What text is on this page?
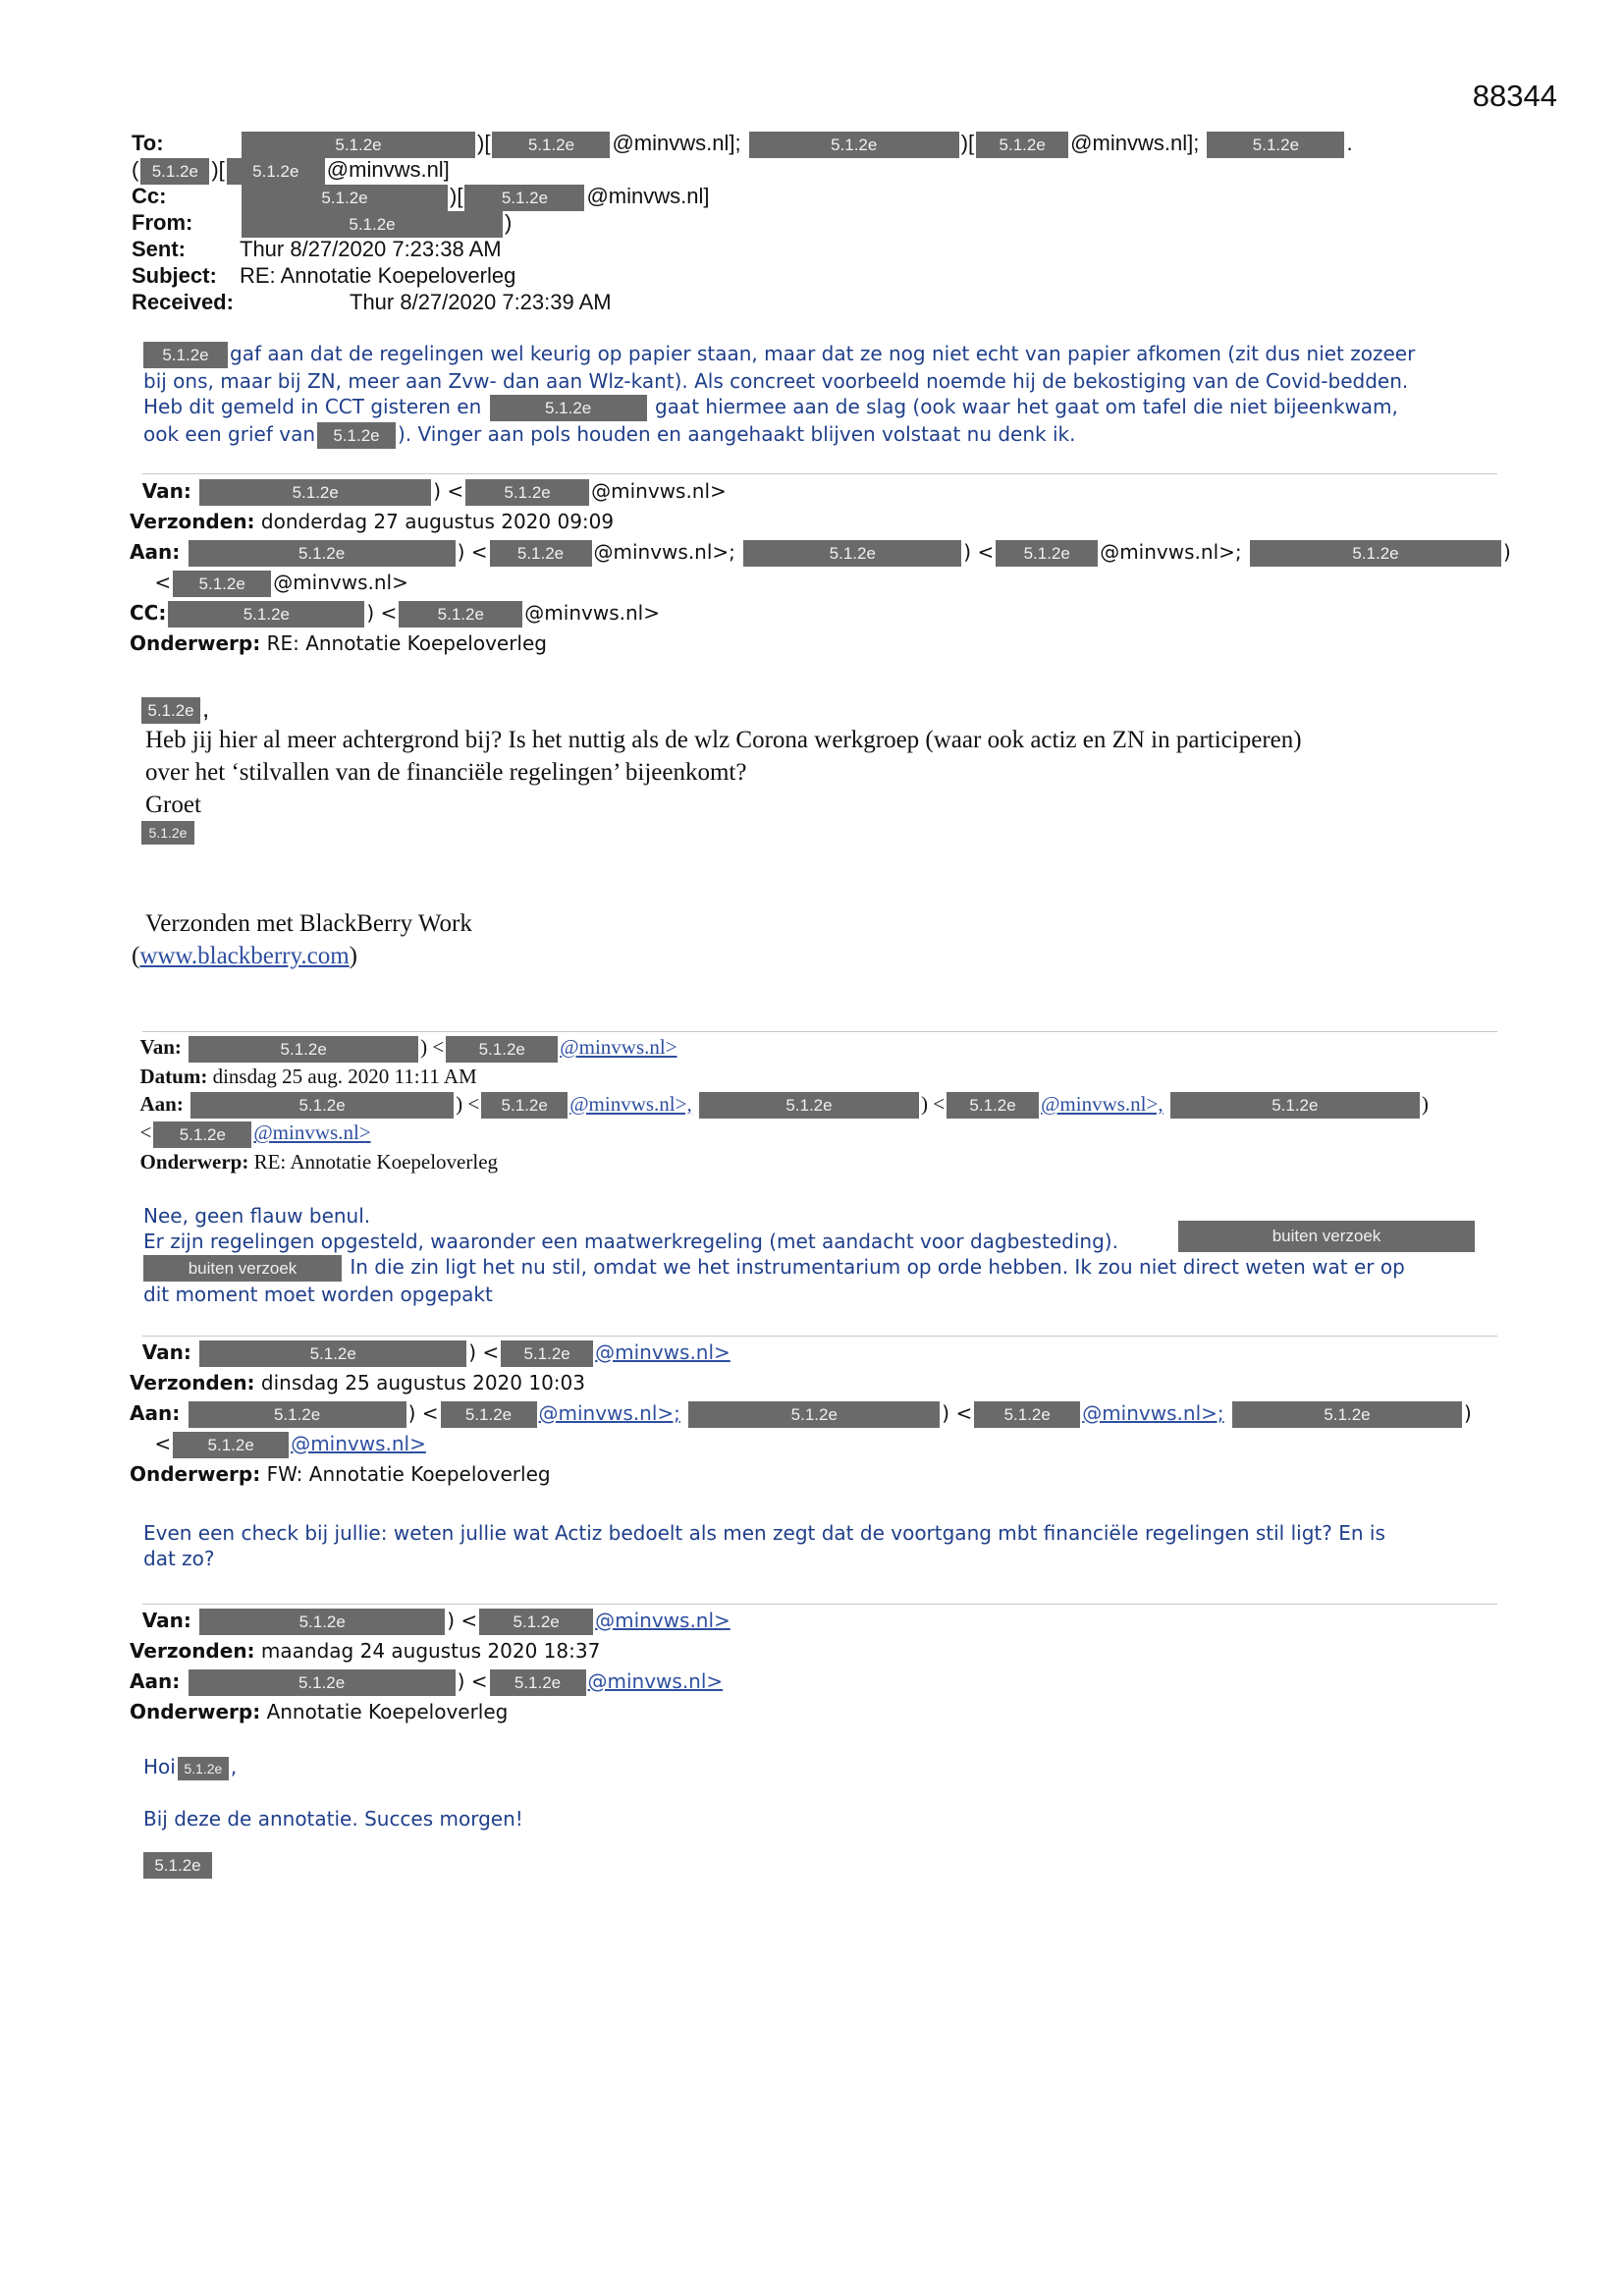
88344
To:	5.1.2e	)[ 5.1.2e @minvws.nl];	5.1.2e	)[ 5.1.2e @minvws.nl];	5.1.2e .
( 5.1.2e )[ 5.1.2e @minvws.nl]
Cc:	5.1.2e	)[ 5.1.2e @minvws.nl]
From:	5.1.2e	)
Sent:	Thur 8/27/2020 7:23:38 AM
Subject: RE: Annotatie Koepeloverleg
Received:	Thur 8/27/2020 7:23:39 AM
5.1.2e gaf aan dat de regelingen wel keurig op papier staan, maar dat ze nog niet echt van papier afkomen (zit dus niet zozeer
bij ons, maar bij ZN, meer aan Zvw- dan aan Wlz-kant). Als concreet voorbeeld noemde hij de bekostiging van de Covid-bedden.
Heb dit gemeld in CCT gisteren en	5.1.2e	gaat hiermee aan de slag (ook waar het gaat om tafel die niet bijeenkwam,
ook een grief van 5.1.2e ). Vinger aan pols houden en aangehaakt blijven volstaat nu denk ik.
Van:	5.1.2e	) < 5.1.2e @minvws.nl>
Verzonden: donderdag 27 augustus 2020 09:09
Aan:	5.1.2e	) < 5.1.2e @minvws.nl>;	5.1.2e	) < 5.1.2e @minvws.nl>;	5.1.2e	)
< 5.1.2e @minvws.nl>
CC:	5.1.2e	) < 5.1.2e @minvws.nl>
Onderwerp: RE: Annotatie Koepeloverleg
5.1.2e ,
Heb jij hier al meer achtergrond bij? Is het nuttig als de wlz Corona werkgroep (waar ook actiz en ZN in participeren)
over het ‘stilvallen van de financiële regelingen’ bijeenkomt?
Groet
5.1.2e
Verzonden met BlackBerry Work
(www.blackberry.com)
Van:	5.1.2e	) < 5.1.2e @minvws.nl>
Datum: dinsdag 25 aug. 2020 11:11 AM
Aan:	5.1.2e	) < 5.1.2e @minvws.nl>,	5.1.2e	) < 5.1.2e @minvws.nl>,	5.1.2e	)
< 5.1.2e @minvws.nl>
Onderwerp: RE: Annotatie Koepeloverleg
Nee, geen flauw benul.
Er zijn regelingen opgesteld, waaronder een maatwerkregeling (met aandacht voor dagbesteding).	buiten verzoek
buiten verzoek	In die zin ligt het nu stil, omdat we het instrumentarium op orde hebben. Ik zou niet direct weten wat er op
dit moment moet worden opgepakt
Van:	5.1.2e	) < 5.1.2e @minvws.nl>
Verzonden: dinsdag 25 augustus 2020 10:03
Aan:	5.1.2e	) < 5.1.2e @minvws.nl>;	5.1.2e	) < 5.1.2e @minvws.nl>;	5.1.2e	)
< 5.1.2e @minvws.nl>
Onderwerp: FW: Annotatie Koepeloverleg
Even een check bij jullie: weten jullie wat Actiz bedoelt als men zegt dat de voortgang mbt financiële regelingen stil ligt? En is
dat zo?
Van:	5.1.2e	) < 5.1.2e @minvws.nl>
Verzonden: maandag 24 augustus 2020 18:37
Aan:	5.1.2e	) < 5.1.2e @minvws.nl>
Onderwerp: Annotatie Koepeloverleg
Hoi 5.1.2e ,
Bij deze de annotatie. Succes morgen!
5.1.2e
